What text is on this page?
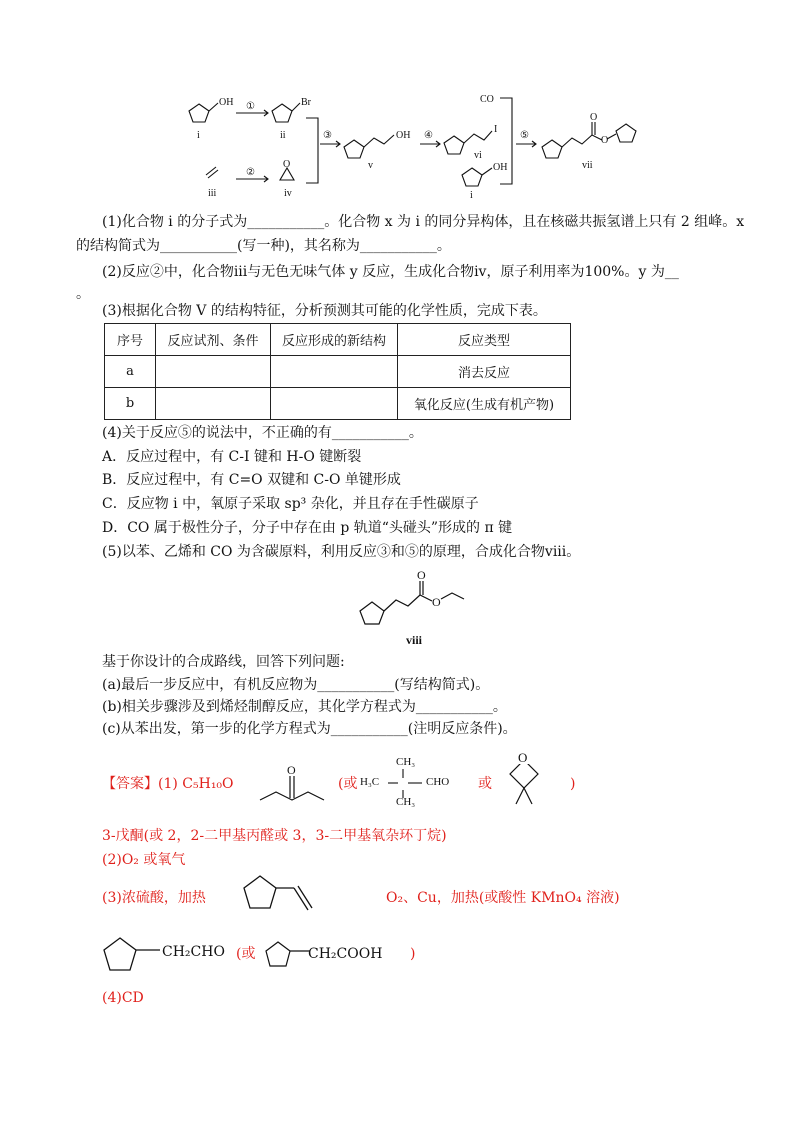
OH
i
①	Br
ii
iii
②
O
iv
③	OH
v
④
I
vi
CO
OH
i
⑤
O
O
vii
(1)化合物 i 的分子式为___________。化合物 x 为 i 的同分异构体，且在核磁共振氢谱上只有 2 组峰。x
的结构简式为___________(写一种)，其名称为___________。
(2)反应②中，化合物iii与无色无味气体 y 反应，生成化合物iv，原子利用率为100%。y 为__
。
(3)根据化合物 V 的结构特征，分析预测其可能的化学性质，完成下表。
序号	反应试剂、条件	反应形成的新结构	反应类型
a			消去反应
b			氧化反应(生成有机产物)
(4)关于反应⑤的说法中，不正确的有___________。
A．反应过程中，有 C-I 键和 H-O 键断裂
B．反应过程中，有 C=O 双键和 C-O 单键形成
C．反应物 i 中，氧原子采取 sp³ 杂化，并且存在手性碳原子
D．CO 属于极性分子，分子中存在由 p 轨道“头碰头”形成的 π 键
(5)以苯、乙烯和 CO 为含碳原料，利用反应③和⑤的原理，合成化合物viii。
O
O
viii
基于你设计的合成路线，回答下列问题:
(a)最后一步反应中，有机反应物为___________(写结构简式)。
(b)相关步骤涉及到烯烃制醇反应，其化学方程式为___________。
(c)从苯出发，第一步的化学方程式为___________(注明反应条件)。
【答案】(1) C₅H₁₀O
O
(或
CH₃
H₃C	CHO
CH₃
或
O
)
3-戊酮(或 2，2-二甲基丙醛或 3，3-二甲基氧杂环丁烷)
(2)O₂ 或氧气
(3)浓硫酸，加热	O₂、Cu，加热(或酸性 KMnO₄ 溶液)
CH₂CHO (或	CH₂COOH )
(4)CD
